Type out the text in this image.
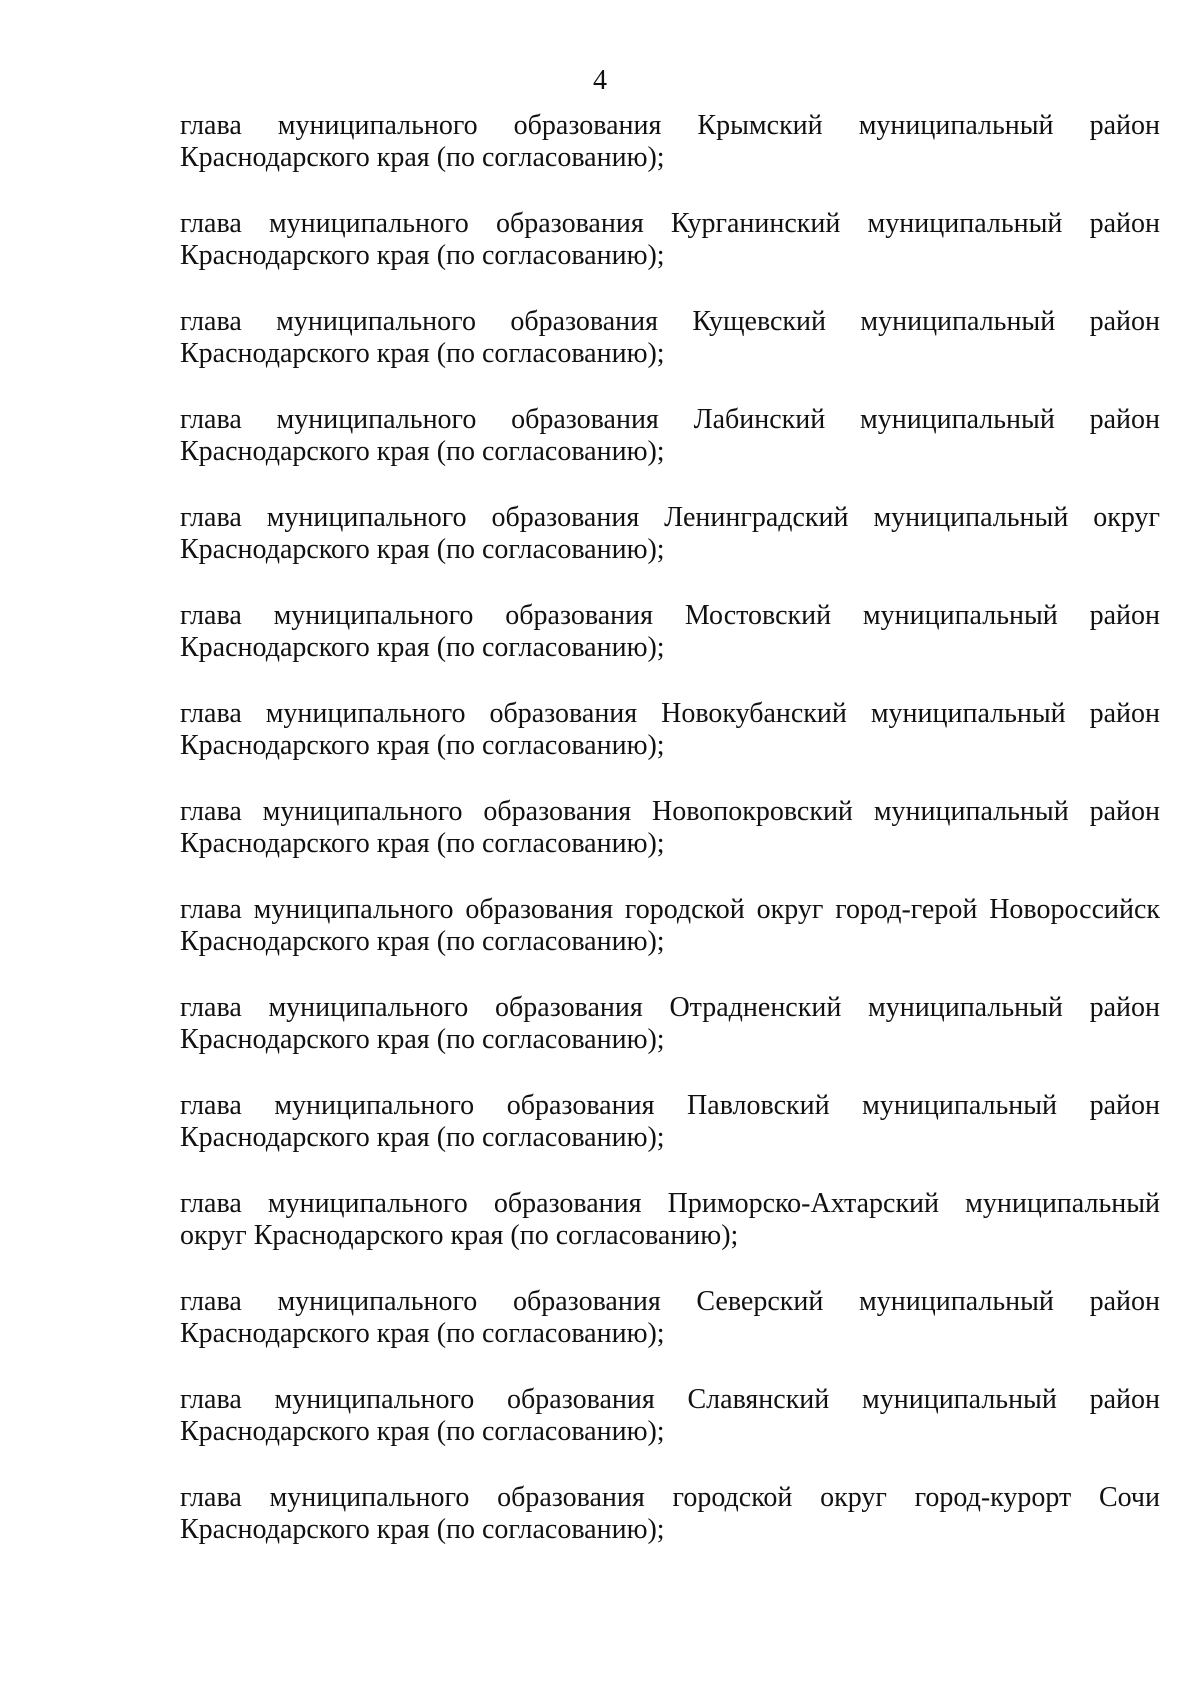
4
глава муниципального образования Крымский муниципальный район
Краснодарского края (по согласованию);
глава муниципального образования Курганинский муниципальный район
Краснодарского края (по согласованию);
глава муниципального образования Кущевский муниципальный район
Краснодарского края (по согласованию);
глава муниципального образования Лабинский муниципальный район
Краснодарского края (по согласованию);
глава муниципального образования Ленинградский муниципальный округ
Краснодарского края (по согласованию);
глава муниципального образования Мостовский муниципальный район
Краснодарского края (по согласованию);
глава муниципального образования Новокубанский муниципальный район
Краснодарского края (по согласованию);
глава муниципального образования Новопокровский муниципальный район
Краснодарского края (по согласованию);
глава муниципального образования городской округ город-герой Новороссийск
Краснодарского края (по согласованию);
глава муниципального образования Отрадненский муниципальный район
Краснодарского края (по согласованию);
глава муниципального образования Павловский муниципальный район
Краснодарского края (по согласованию);
глава муниципального образования Приморско-Ахтарский муниципальный
округ Краснодарского края (по согласованию);
глава муниципального образования Северский муниципальный район
Краснодарского края (по согласованию);
глава муниципального образования Славянский муниципальный район
Краснодарского края (по согласованию);
глава муниципального образования городской округ город-курорт Сочи
Краснодарского края (по согласованию);
